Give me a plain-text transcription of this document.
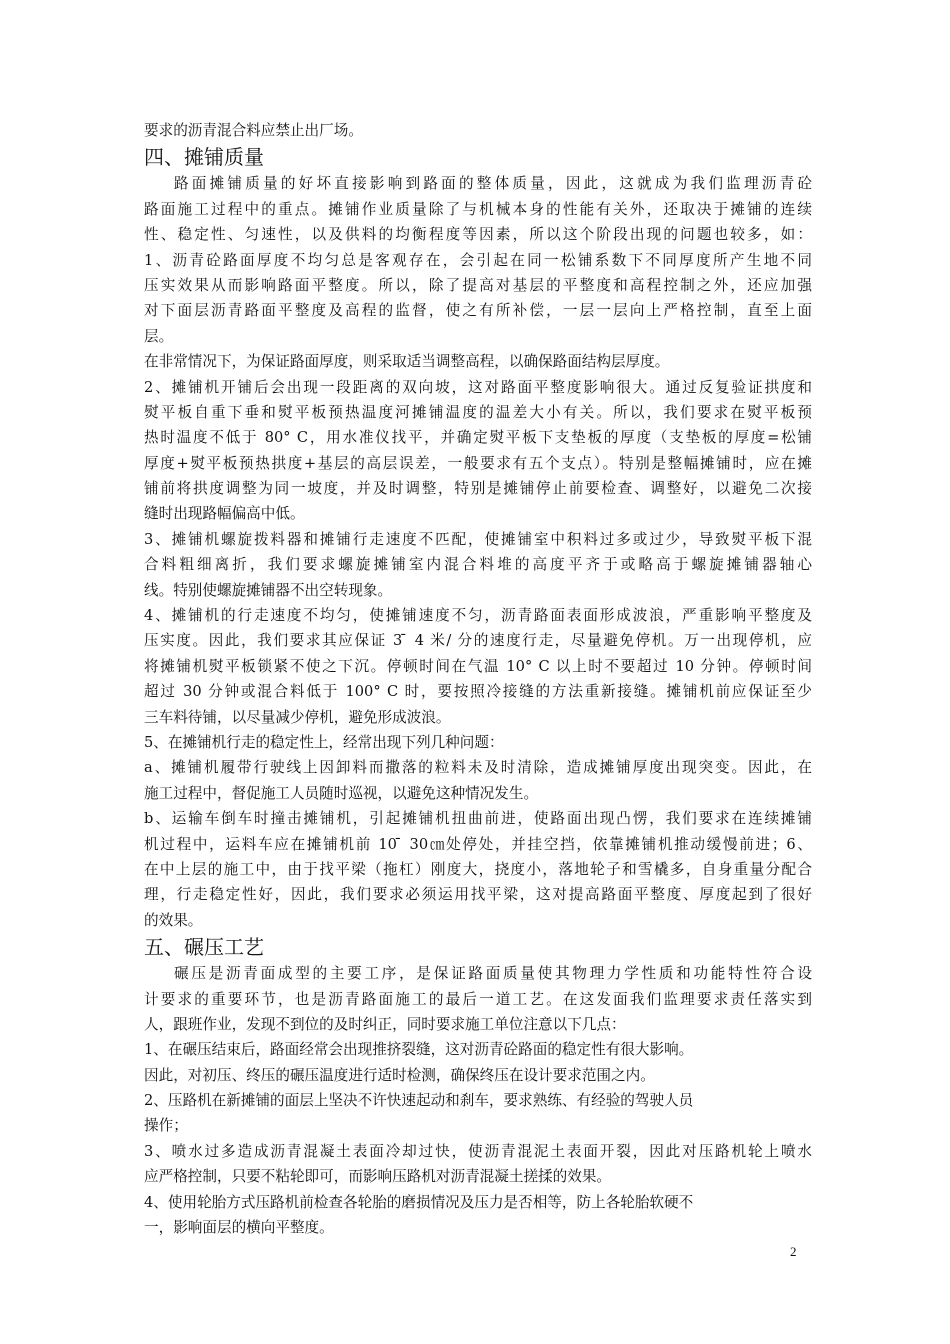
要求的沥青混合料应禁止出厂场。
四、摊铺质量
路面摊铺质量的好坏直接影响到路面的整体质量，因此，这就成为我们监理沥青砼
路面施工过程中的重点。摊铺作业质量除了与机械本身的性能有关外，还取决于摊铺的连续
性、稳定性、匀速性，以及供料的均衡程度等因素，所以这个阶段出现的问题也较多，如：
1、沥青砼路面厚度不均匀总是客观存在，会引起在同一松铺系数下不同厚度所产生地不同
压实效果从而影响路面平整度。所以，除了提高对基层的平整度和高程控制之外，还应加强
对下面层沥青路面平整度及高程的监督，使之有所补偿，一层一层向上严格控制，直至上面
层。
在非常情况下，为保证路面厚度，则采取适当调整高程，以确保路面结构层厚度。
2、摊铺机开铺后会出现一段距离的双向坡，这对路面平整度影响很大。通过反复验证拱度和
熨平板自重下垂和熨平板预热温度河摊铺温度的温差大小有关。所以，我们要求在熨平板预
热时温度不低于 80° C，用水准仪找平，并确定熨平板下支垫板的厚度（支垫板的厚度=松铺
厚度+熨平板预热拱度+基层的高层误差，一般要求有五个支点）。特别是整幅摊铺时，应在摊
铺前将拱度调整为同一坡度，并及时调整，特别是摊铺停止前要检查、调整好，以避免二次接
缝时出现路幅偏高中低。
3、摊铺机螺旋拨料器和摊铺行走速度不匹配，使摊铺室中积料过多或过少，导致熨平板下混
合料粗细离折，我们要求螺旋摊铺室内混合料堆的高度平齐于或略高于螺旋摊铺器轴心
线。特别使螺旋摊铺器不出空转现象。
4、摊铺机的行走速度不均匀，使摊铺速度不匀，沥青路面表面形成波浪，严重影响平整度及
压实度。因此，我们要求其应保证 3 ̄ 4 米/ 分的速度行走，尽量避免停机。万一出现停机，应
将摊铺机熨平板锁紧不使之下沉。停顿时间在气温 10° C 以上时不要超过 10 分钟。停顿时间
超过 30 分钟或混合料低于 100° C 时，要按照冷接缝的方法重新接缝。摊铺机前应保证至少
三车料待铺，以尽量减少停机，避免形成波浪。
5、在摊铺机行走的稳定性上，经常出现下列几种问题：
a、摊铺机履带行驶线上因卸料而撒落的粒料未及时清除，造成摊铺厚度出现突变。因此，在
施工过程中，督促施工人员随时巡视，以避免这种情况发生。
b、运输车倒车时撞击摊铺机，引起摊铺机扭曲前进，使路面出现凸愣，我们要求在连续摊铺
机过程中，运料车应在摊铺机前 10 ̄ 30㎝处停处，并挂空挡，依靠摊铺机推动缓慢前进；6、
在中上层的施工中，由于找平梁（拖杠）刚度大，挠度小，落地轮子和雪橇多，自身重量分配合
理，行走稳定性好，因此，我们要求必须运用找平梁，这对提高路面平整度、厚度起到了很好
的效果。
五、碾压工艺
碾压是沥青面成型的主要工序，是保证路面质量使其物理力学性质和功能特性符合设
计要求的重要环节，也是沥青路面施工的最后一道工艺。在这发面我们监理要求责任落实到
人，跟班作业，发现不到位的及时纠正，同时要求施工单位注意以下几点：
1、在碾压结束后，路面经常会出现推挤裂缝，这对沥青砼路面的稳定性有很大影响。
因此，对初压、终压的碾压温度进行适时检测，确保终压在设计要求范围之内。
2、压路机在新摊铺的面层上坚决不许快速起动和刹车，要求熟练、有经验的驾驶人员
操作；
3、喷水过多造成沥青混凝土表面冷却过快，使沥青混泥土表面开裂，因此对压路机轮上喷水
应严格控制，只要不粘轮即可，而影响压路机对沥青混凝土搓揉的效果。
4、使用轮胎方式压路机前检查各轮胎的磨损情况及压力是否相等，防上各轮胎软硬不
一，影响面层的横向平整度。
2
